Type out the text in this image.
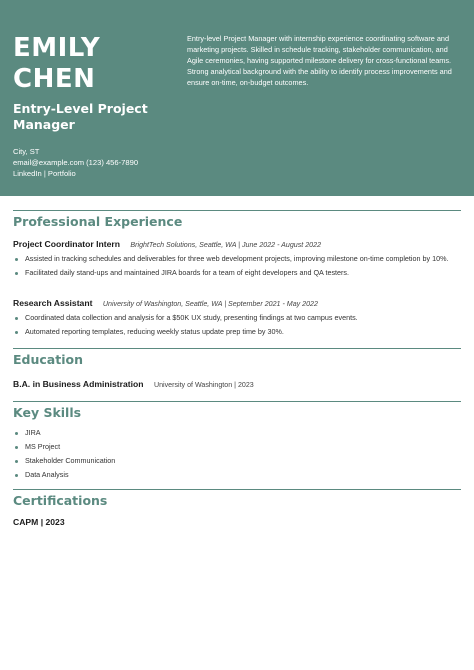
EMILY
CHEN
Entry-Level Project Manager
City, ST
email@example.com (123) 456-7890
LinkedIn | Portfolio
Entry-level Project Manager with internship experience coordinating software and marketing projects. Skilled in schedule tracking, stakeholder communication, and Agile ceremonies, having supported milestone delivery for cross-functional teams. Strong analytical background with the ability to identify process improvements and ensure on-time, on-budget outcomes.
Professional Experience
Project Coordinator Intern BrightTech Solutions, Seattle, WA | June 2022 - August 2022
Assisted in tracking schedules and deliverables for three web development projects, improving milestone on-time completion by 10%.
Facilitated daily stand-ups and maintained JIRA boards for a team of eight developers and QA testers.
Research Assistant University of Washington, Seattle, WA | September 2021 - May 2022
Coordinated data collection and analysis for a $50K UX study, presenting findings at two campus events.
Automated reporting templates, reducing weekly status update prep time by 30%.
Education
B.A. in Business Administration University of Washington | 2023
Key Skills
JIRA
MS Project
Stakeholder Communication
Data Analysis
Certifications
CAPM | 2023
